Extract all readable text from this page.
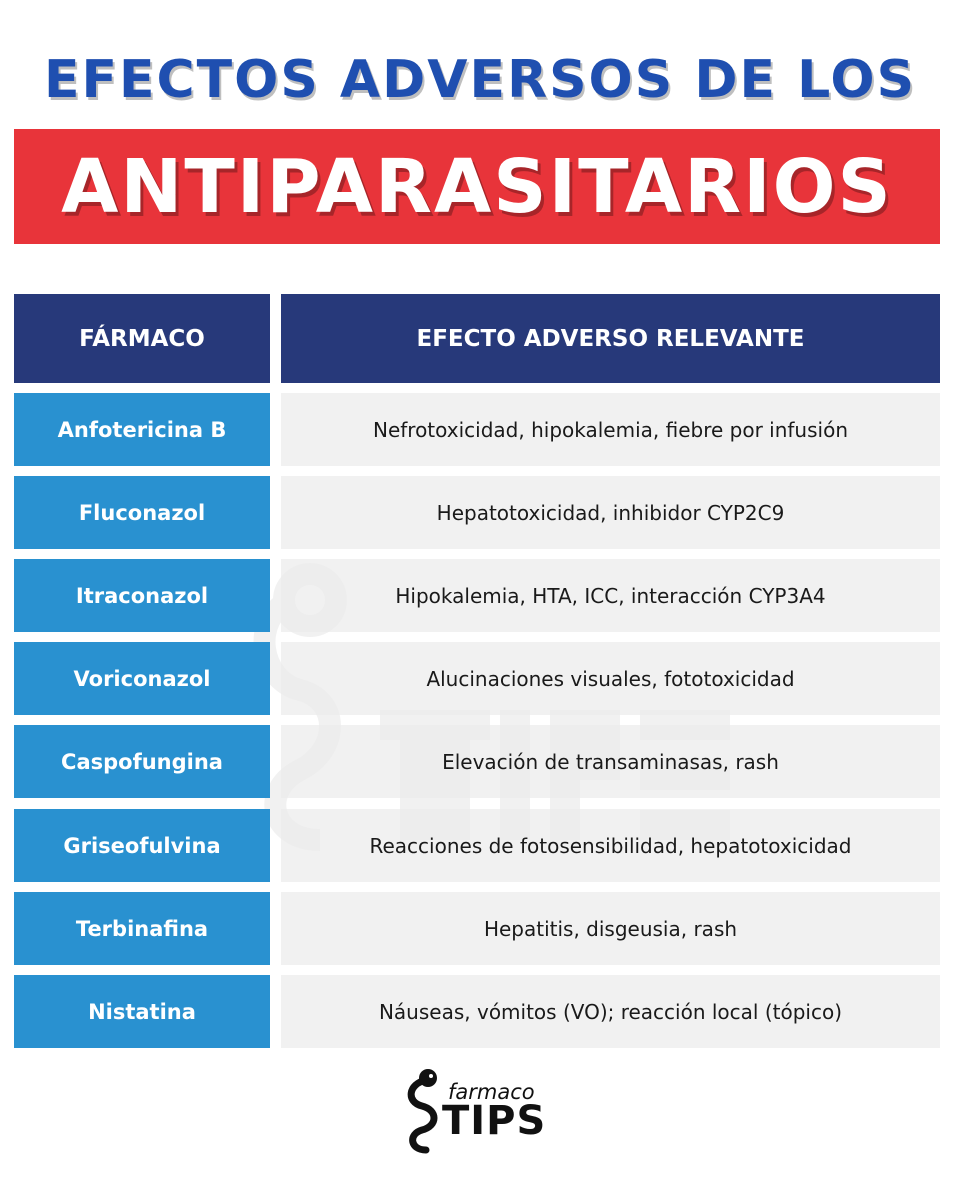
EFECTOS ADVERSOS DE LOS
ANTIPARASITARIOS
FÁRMACO	EFECTO ADVERSO RELEVANTE
Anfotericina B	Nefrotoxicidad, hipokalemia, fiebre por infusión
Fluconazol	Hepatotoxicidad, inhibidor CYP2C9
Itraconazol	Hipokalemia, HTA, ICC, interacción CYP3A4
Voriconazol	Alucinaciones visuales, fototoxicidad
Caspofungina	Elevación de transaminasas, rash
Griseofulvina	Reacciones de fotosensibilidad, hepatotoxicidad
Terbinafina	Hepatitis, disgeusia, rash
Nistatina	Náuseas, vómitos (VO); reacción local (tópico)
farmaco
TIPS
